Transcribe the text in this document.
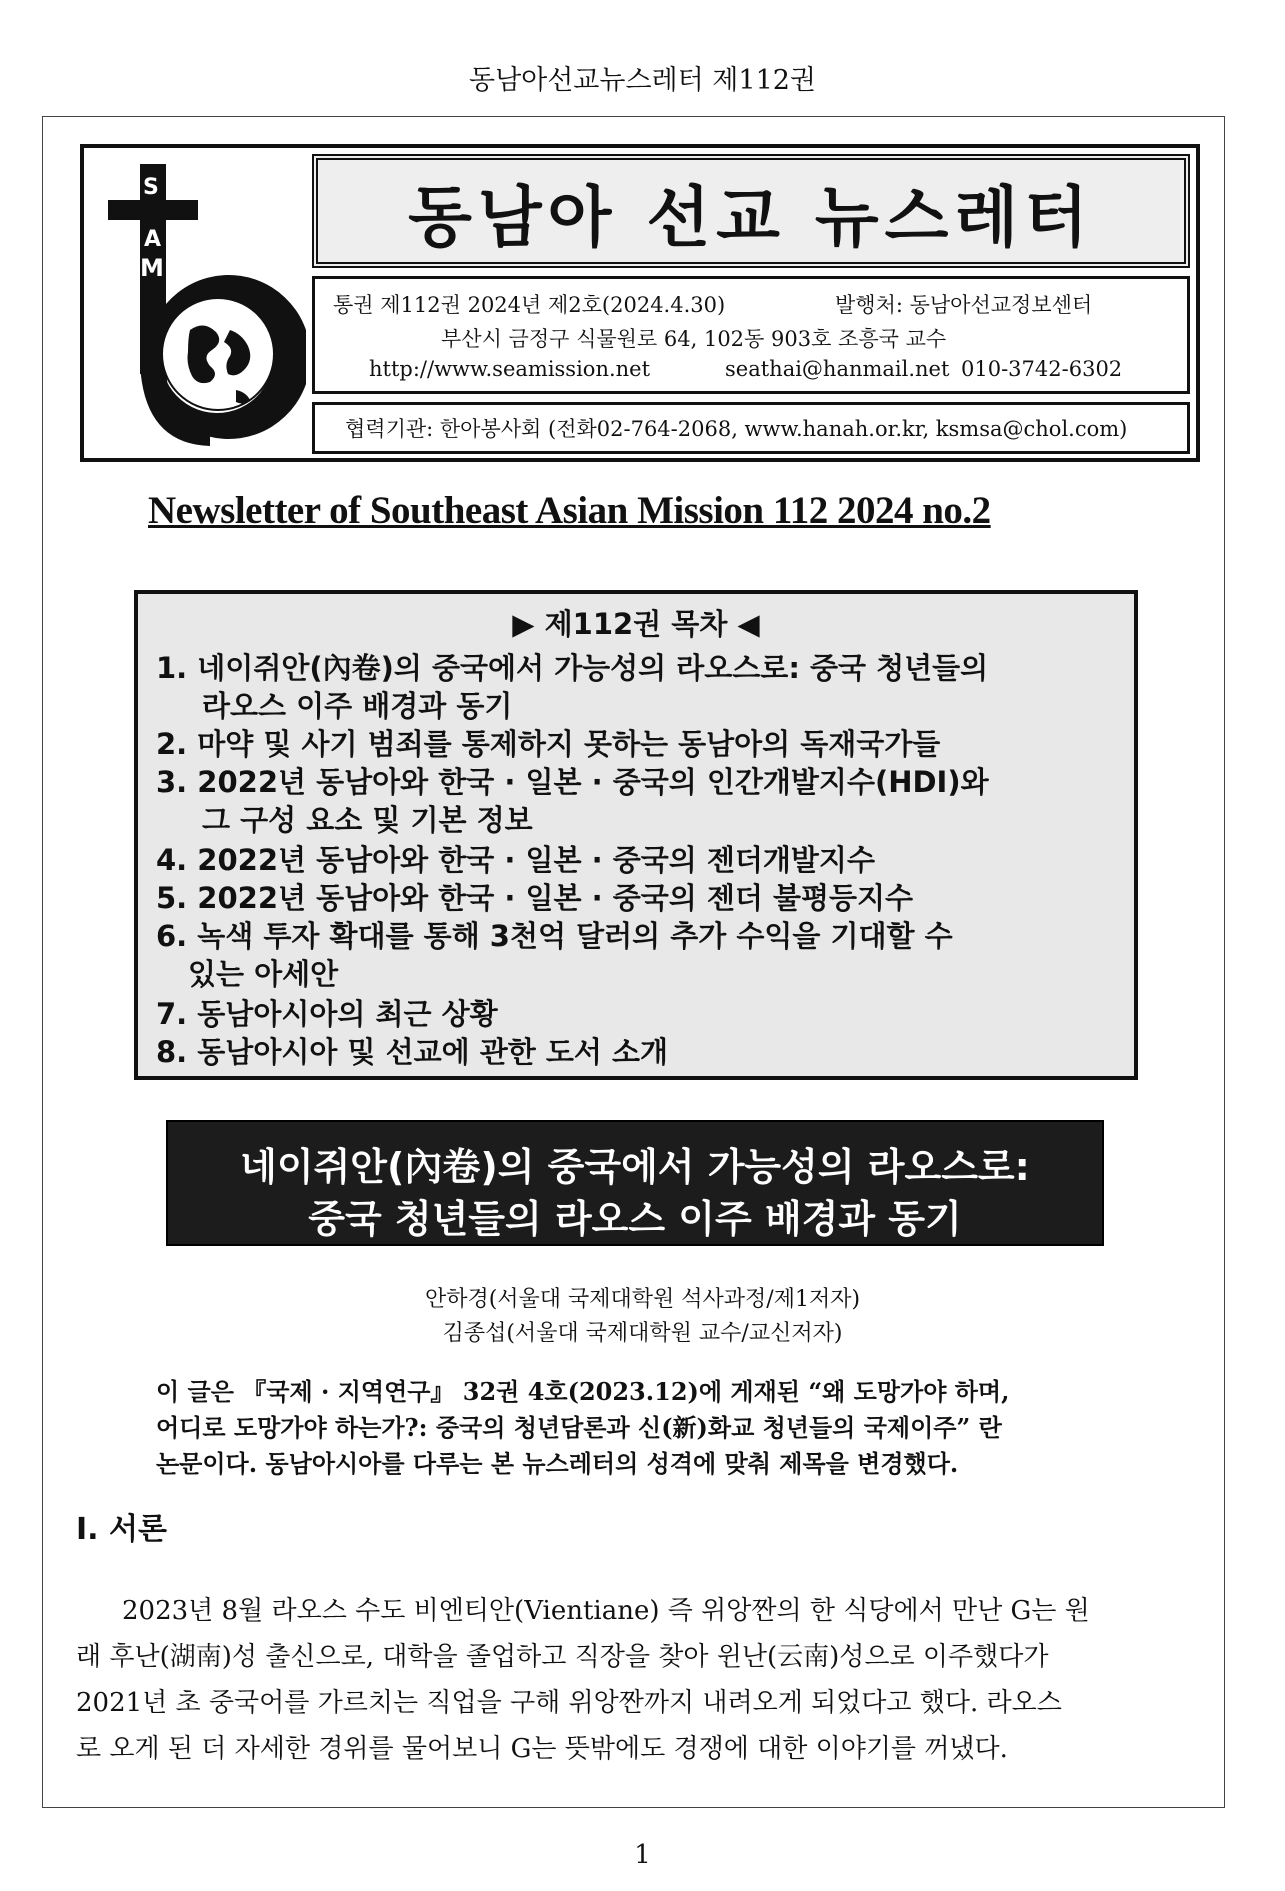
동남아선교뉴스레터 제112권
S
E
A
M
동남아 선교 뉴스레터
통권 제112권 2024년 제2호(2024.4.30)	발행처: 동남아선교정보센터
부산시 금정구 식물원로 64, 102동 903호 조흥국 교수
http://www.seamission.net	seathai@hanmail.net 010-3742-6302
협력기관: 한아봉사회 (전화02-764-2068, www.hanah.or.kr, ksmsa@chol.com)
Newsletter of Southeast Asian Mission 112 2024 no.2
▶ 제112권 목차 ◀
1. 네이쥐안(內卷)의 중국에서 가능성의 라오스로: 중국 청년들의
라오스 이주 배경과 동기
2. 마약 및 사기 범죄를 통제하지 못하는 동남아의 독재국가들
3. 2022년 동남아와 한국 · 일본 · 중국의 인간개발지수(HDI)와
그 구성 요소 및 기본 정보
4. 2022년 동남아와 한국 · 일본 · 중국의 젠더개발지수
5. 2022년 동남아와 한국 · 일본 · 중국의 젠더 불평등지수
6. 녹색 투자 확대를 통해 3천억 달러의 추가 수익을 기대할 수
있는 아세안
7. 동남아시아의 최근 상황
8. 동남아시아 및 선교에 관한 도서 소개
네이쥐안(內卷)의 중국에서 가능성의 라오스로:
중국 청년들의 라오스 이주 배경과 동기
안하경(서울대 국제대학원 석사과정/제1저자)
김종섭(서울대 국제대학원 교수/교신저자)
이 글은 『국제 · 지역연구』 32권 4호(2023.12)에 게재된 “왜 도망가야 하며,
어디로 도망가야 하는가?: 중국의 청년담론과 신(新)화교 청년들의 국제이주” 란
논문이다. 동남아시아를 다루는 본 뉴스레터의 성격에 맞춰 제목을 변경했다.
I. 서론
2023년 8월 라오스 수도 비엔티안(Vientiane) 즉 위앙짠의 한 식당에서 만난 G는 원
래 후난(湖南)성 출신으로, 대학을 졸업하고 직장을 찾아 윈난(云南)성으로 이주했다가
2021년 초 중국어를 가르치는 직업을 구해 위앙짠까지 내려오게 되었다고 했다. 라오스
로 오게 된 더 자세한 경위를 물어보니 G는 뜻밖에도 경쟁에 대한 이야기를 꺼냈다.
1
